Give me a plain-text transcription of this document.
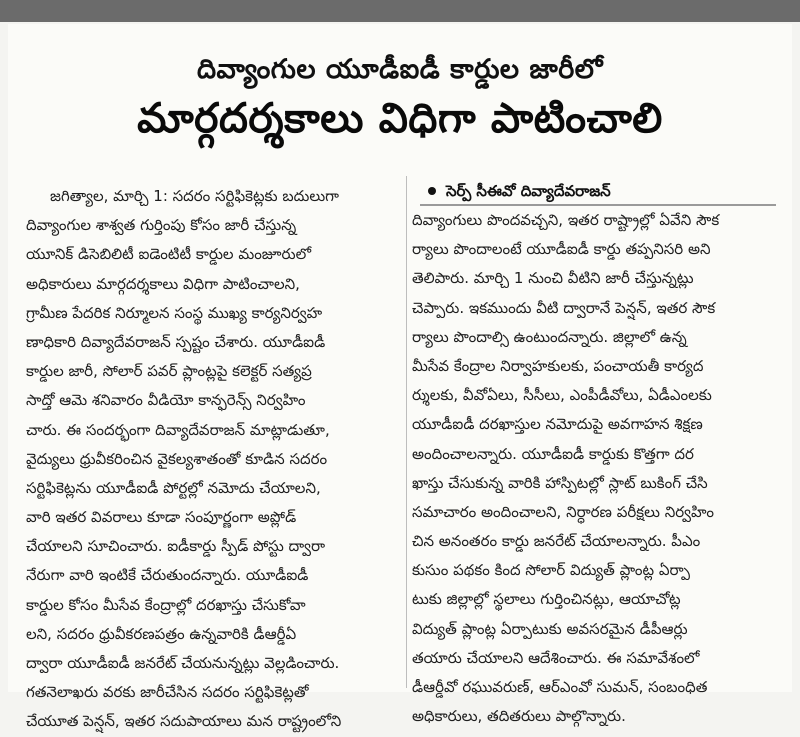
దివ్యాంగుల యూడీఐడీ కార్డుల జారీలో
మార్గదర్శకాలు విధిగా పాటించాలి
జగిత్యాల, మార్చి 1: సదరం సర్టిఫికెట్లకు బదులుగా
దివ్యాంగుల శాశ్వత గుర్తింపు కోసం జారీ చేస్తున్న
యూనిక్ డిసెబిలిటీ ఐడెంటిటీ కార్డుల మంజూరులో
అధికారులు మార్గదర్శకాలు విధిగా పాటించాలని,
గ్రామీణ పేదరిక నిర్మూలన సంస్థ ముఖ్య కార్యనిర్వహ
ణాధికారి దివ్యాదేవరాజన్ స్పష్టం చేశారు. యూడీఐడీ
కార్డుల జారీ, సోలార్ పవర్ ప్లాంట్లపై కలెక్టర్ సత్యప్ర
సాద్తో ఆమె శనివారం వీడియో కాన్ఫరెన్స్ నిర్వహిం
చారు. ఈ సందర్భంగా దివ్యాదేవరాజన్ మాట్లాడుతూ,
వైద్యులు ధ్రువీకరించిన వైకల్యశాతంతో కూడిన సదరం
సర్టిఫికెట్లను యూడీఐడీ పోర్టల్లో నమోదు చేయాలని,
వారి ఇతర వివరాలు కూడా సంపూర్ణంగా అప్లోడ్
చేయాలని సూచించారు. ఐడీకార్డు స్పీడ్ పోస్టు ద్వారా
నేరుగా వారి ఇంటికే చేరుతుందన్నారు. యూడీఐడీ
కార్డుల కోసం మీసేవ కేంద్రాల్లో దరఖాస్తు చేసుకోవా
లని, సదరం ధ్రువీకరణపత్రం ఉన్నవారికి డీఆర్డీఏ
ద్వారా యూడీఐడీ జనరేట్ చేయనున్నట్లు వెల్లడించారు.
గతనెలాఖరు వరకు జారీచేసిన సదరం సర్టిఫికెట్లతో
చేయూత పెన్షన్, ఇతర సదుపాయాలు మన రాష్ట్రంలోని
సెర్ప్ సీఈవో దివ్యాదేవరాజన్
దివ్యాంగులు పొందవచ్చని, ఇతర రాష్ట్రాల్లో ఏవేని సౌక
ర్యాలు పొందాలంటే యూడీఐడీ కార్డు తప్పనిసరి అని
తెలిపారు. మార్చి 1 నుంచి వీటిని జారీ చేస్తున్నట్లు
చెప్పారు. ఇకముందు వీటి ద్వారానే పెన్షన్, ఇతర సౌక
ర్యాలు పొందాల్సి ఉంటుందన్నారు. జిల్లాలో ఉన్న
మీసేవ కేంద్రాల నిర్వాహకులకు, పంచాయతీ కార్యద
ర్శులకు, వీవోఏలు, సీసీలు, ఎంపీడీవోలు, ఏడీఎంలకు
యూడీఐడీ దరఖాస్తుల నమోదుపై అవగాహన శిక్షణ
అందించాలన్నారు. యూడీఐడీ కార్డుకు కొత్తగా దర
ఖాస్తు చేసుకున్న వారికి హాస్పిటల్లో స్లాట్ బుకింగ్ చేసి
సమాచారం అందించాలని, నిర్ధారణ పరీక్షలు నిర్వహిం
చిన అనంతరం కార్డు జనరేట్ చేయాలన్నారు. పీఎం
కుసుం పథకం కింద సోలార్ విద్యుత్ ప్లాంట్ల ఏర్పా
టుకు జిల్లాల్లో స్థలాలు గుర్తించినట్లు, ఆయాచోట్ల
విద్యుత్ ప్లాంట్ల ఏర్పాటుకు అవసరమైన డీపీఆర్లు
తయారు చేయాలని ఆదేశించారు. ఈ సమావేశంలో
డీఆర్డీవో రఘువరుణ్, ఆర్ఎంవో సుమన్, సంబంధిత
అధికారులు, తదితరులు పాల్గొన్నారు.
